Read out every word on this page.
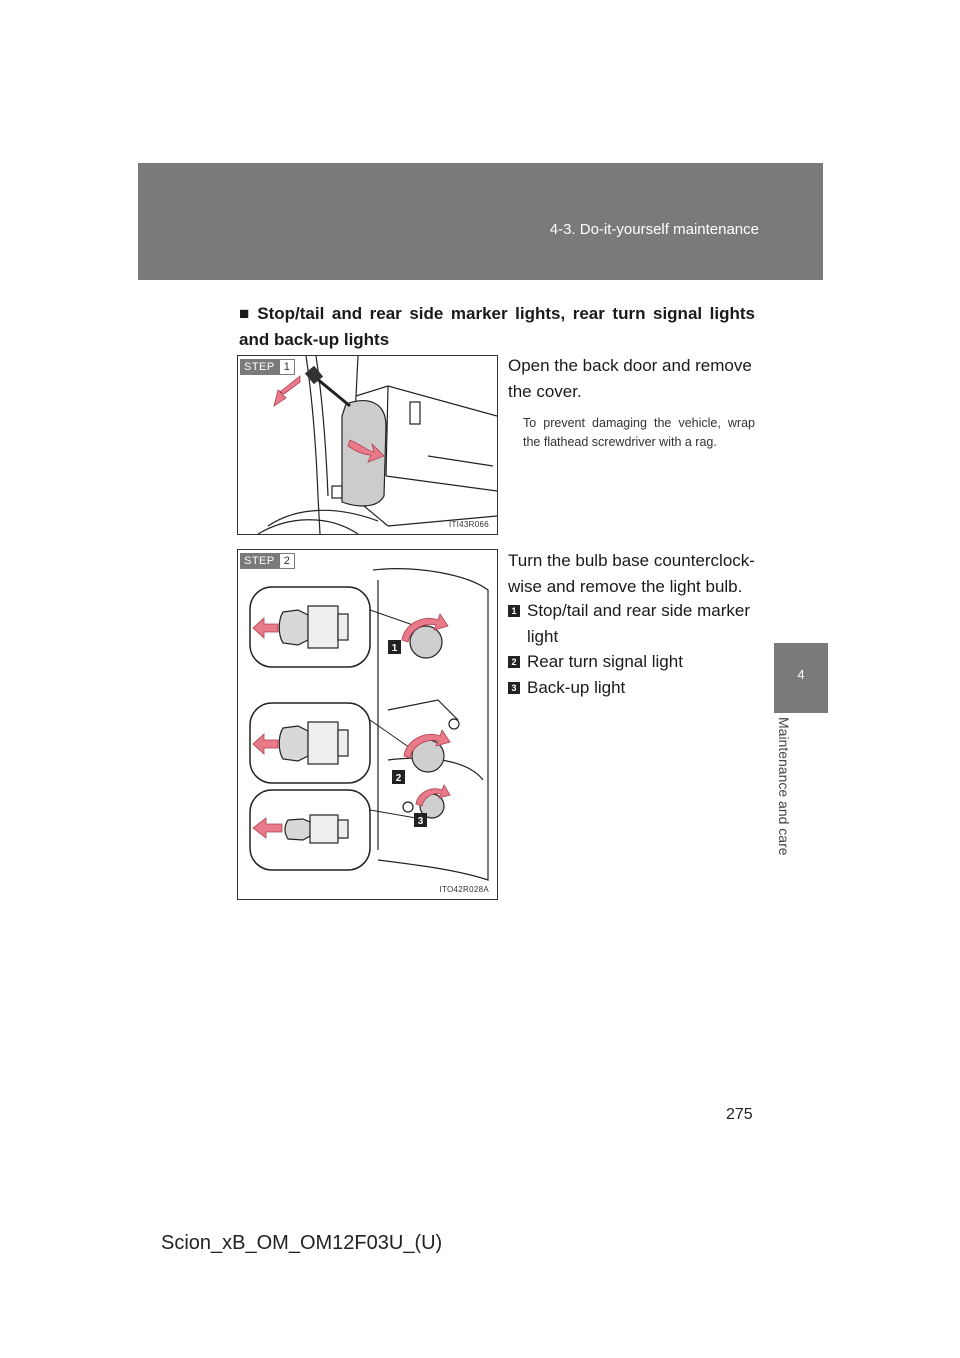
4-3. Do-it-yourself maintenance
4
Maintenance and care
■ Stop/tail and rear side marker lights, rear turn signal lights and back-up lights
STEP 1
ITI43R066
Open the back door and remove the cover.
To prevent damaging the vehicle, wrap the flathead screwdriver with a rag.
1
2
3
STEP 2
ITO42R028A
Turn the bulb base counterclock-wise and remove the light bulb.
1 Stop/tail and rear side marker light
2 Rear turn signal light
3 Back-up light
275
Scion_xB_OM_OM12F03U_(U)
